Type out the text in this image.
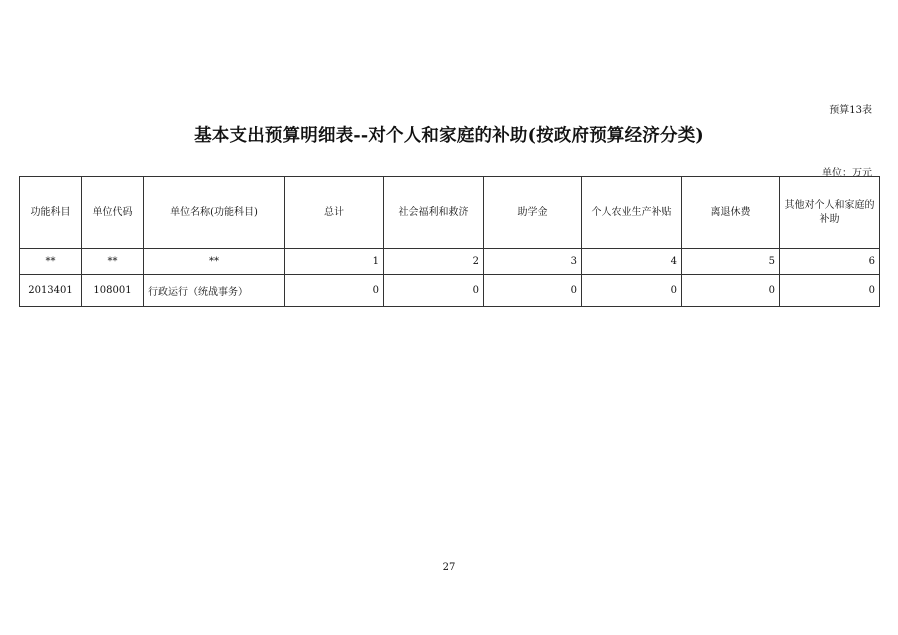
预算13表
基本支出预算明细表--对个人和家庭的补助(按政府预算经济分类)
单位：万元
功能科目	单位代码	单位名称(功能科目)	总计	社会福利和救济	助学金	个人农业生产补贴	离退休费	其他对个人和家庭的补助
**	**	**	1	2	3	4	5	6
2013401	108001	行政运行（统战事务）	0	0	0	0	0	0
27
